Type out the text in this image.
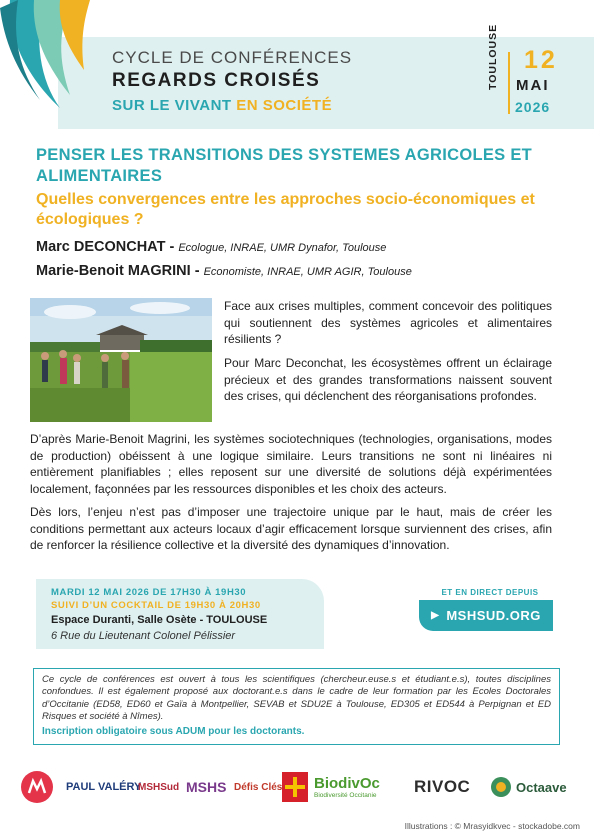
CYCLE DE CONFÉRENCES
REGARDS CROISÉS
SUR LE VIVANT EN SOCIÉTÉ
TOULOUSE 12
MAI
2026
PENSER LES TRANSITIONS DES SYSTEMES AGRICOLES ET ALIMENTAIRES
Quelles convergences entre les approches socio-économiques et écologiques ?
Marc DECONCHAT - Ecologue, INRAE, UMR Dynafor, Toulouse
Marie-Benoit MAGRINI - Economiste, INRAE, UMR AGIR, Toulouse

Face aux crises multiples, comment concevoir des politiques qui soutiennent des systèmes agricoles et alimentaires résilients ?

Pour Marc Deconchat, les écosystèmes offrent un éclairage précieux et des grandes transformations naissent souvent des crises, qui déclenchent des réorganisations profondes.

D’après Marie-Benoit Magrini, les systèmes sociotechniques (technologies, organisations, modes de production) obéissent à une logique similaire. Leurs transitions ne sont ni linéaires ni entièrement planifiables ; elles reposent sur une diversité de solutions déjà expérimentées localement, façonnées par les ressources disponibles et les choix des acteurs.

Dès lors, l’enjeu n’est pas d’imposer une trajectoire unique par le haut, mais de créer les conditions permettant aux acteurs locaux d’agir efficacement lorsque surviennent des crises, afin de renforcer la résilience collective et la diversité des dynamiques d’innovation.

MARDI 12 MAI 2026 DE 17H30 À 19H30
SUIVI D’UN COCKTAIL DE 19H30 À 20H30
Espace Duranti, Salle Osète - TOULOUSE
6 Rue du Lieutenant Colonel Pélissier
ET EN DIRECT DEPUIS
▶ MSHSUD.ORG
Ce cycle de conférences est ouvert à tous les scientifiques (chercheur.euse.s et étudiant.e.s), toutes disciplines confondues. Il est également proposé aux doctorant.e.s dans le cadre de leur formation par les Ecoles Doctorales d’Occitanie (ED58, ED60 et Gaïa à Montpellier, SEVAB et SDU2E à Toulouse, ED305 et ED544 à Perpignan et ED Risques et société à Nîmes).
Inscription obligatoire sous ADUM pour les doctorants.
PAUL VALÉRY
MSHSud MSHS Défis Clés BiodivOc
Biodiversité Occitanie RIVOC	Octaave
Illustrations : © Mrasyidkvec - stockadobe.com
